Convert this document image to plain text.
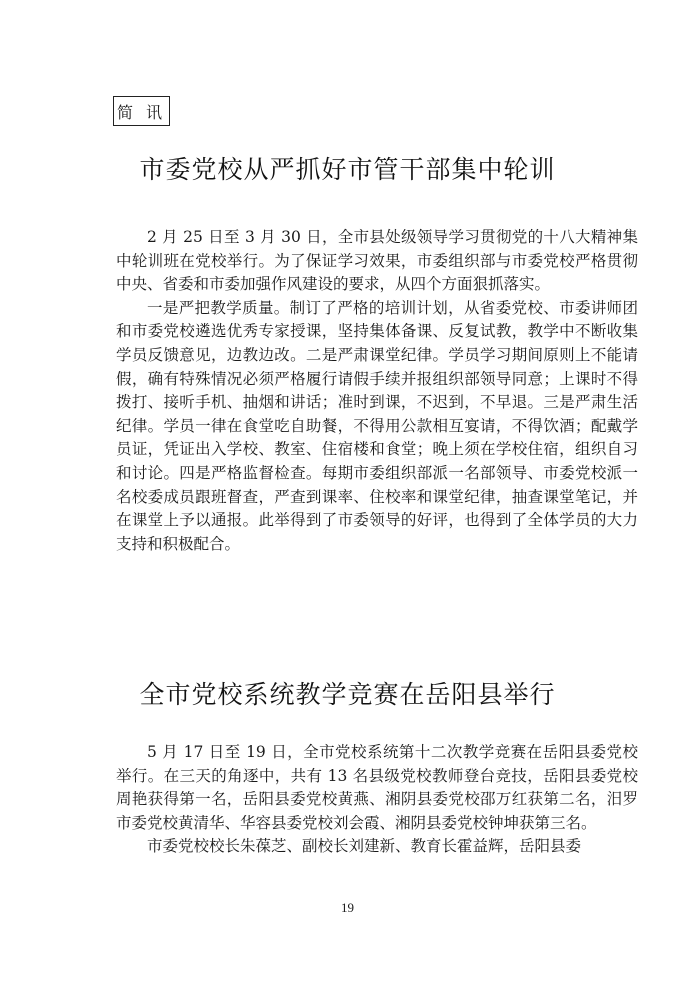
简 讯
市委党校从严抓好市管干部集中轮训

2 月 25 日至 3 月 30 日，全市县处级领导学习贯彻党的十八大精神集中轮训班在党校举行。为了保证学习效果，市委组织部与市委党校严格贯彻中央、省委和市委加强作风建设的要求，从四个方面狠抓落实。

一是严把教学质量。制订了严格的培训计划，从省委党校、市委讲师团和市委党校遴选优秀专家授课，坚持集体备课、反复试教，教学中不断收集学员反馈意见，边教边改。二是严肃课堂纪律。学员学习期间原则上不能请假，确有特殊情况必须严格履行请假手续并报组织部领导同意；上课时不得拨打、接听手机、抽烟和讲话；准时到课，不迟到，不早退。三是严肃生活纪律。学员一律在食堂吃自助餐，不得用公款相互宴请，不得饮酒；配戴学员证，凭证出入学校、教室、住宿楼和食堂；晚上须在学校住宿，组织自习和讨论。四是严格监督检查。每期市委组织部派一名部领导、市委党校派一名校委成员跟班督查，严查到课率、住校率和课堂纪律，抽查课堂笔记，并在课堂上予以通报。此举得到了市委领导的好评，也得到了全体学员的大力支持和积极配合。

全市党校系统教学竞赛在岳阳县举行

5 月 17 日至 19 日，全市党校系统第十二次教学竞赛在岳阳县委党校举行。在三天的角逐中，共有 13 名县级党校教师登台竞技，岳阳县委党校周艳获得第一名，岳阳县委党校黄燕、湘阴县委党校邵万红获第二名，汨罗市委党校黄清华、华容县委党校刘会霞、湘阴县委党校钟坤获第三名。

市委党校校长朱葆芝、副校长刘建新、教育长霍益辉，岳阳县委

19
